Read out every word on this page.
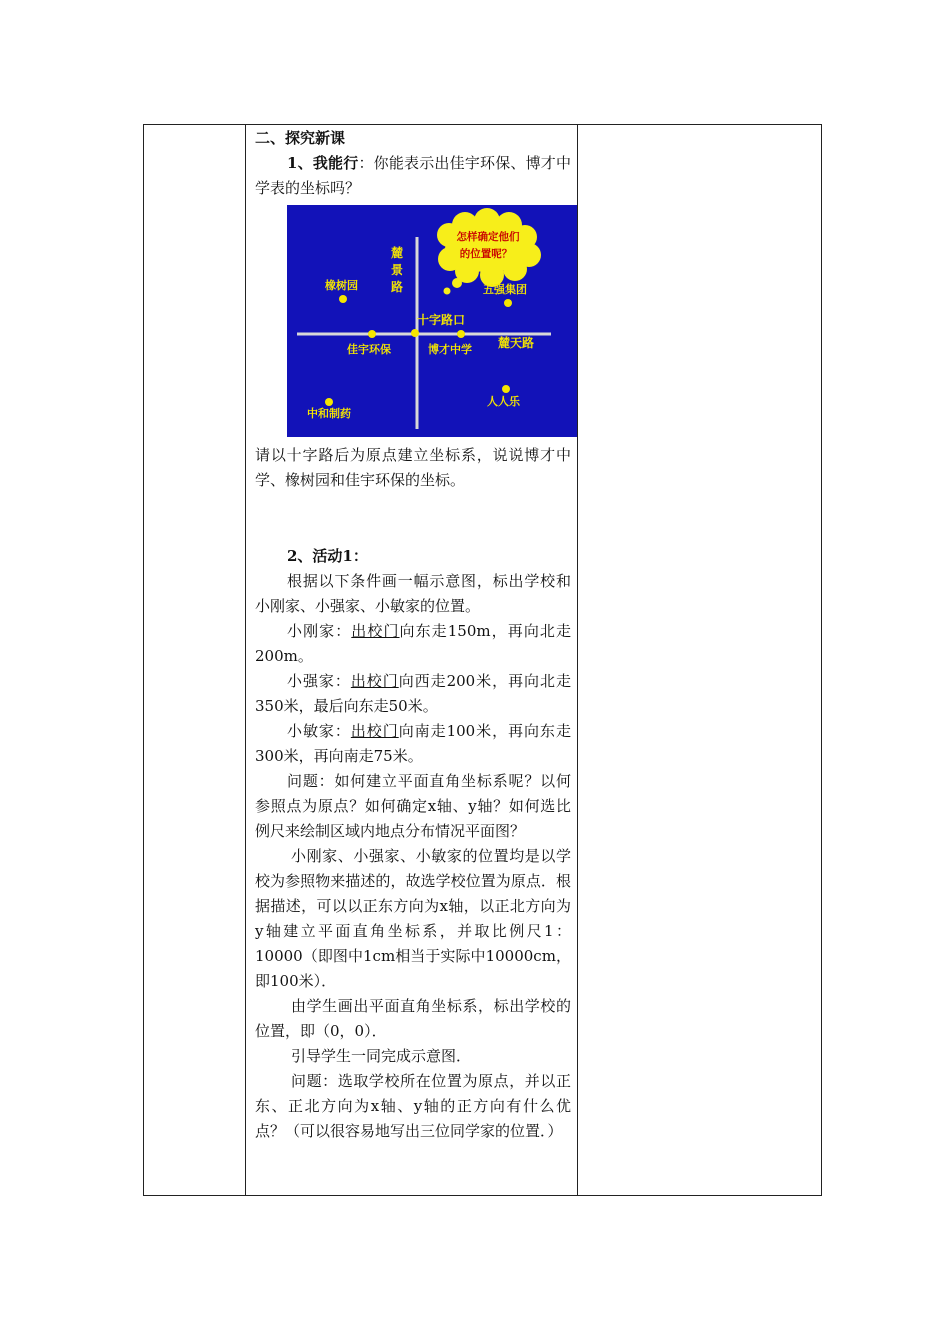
二、探究新课

1、我能行：你能表示出佳宇环保、博才中学表的坐标吗？

怎样确定他们
的位置呢？
麓
景
路
麓天路
十字路口
橡树园	五强集团
佳宇环保	博才中学
中和制药
人人乐

请以十字路后为原点建立坐标系，说说博才中学、橡树园和佳宇环保的坐标。

2、活动1：

根据以下条件画一幅示意图，标出学校和小刚家、小强家、小敏家的位置。

小刚家：出校门向东走150m，再向北走200m。

小强家：出校门向西走200米，再向北走350米，最后向东走50米。

小敏家：出校门向南走100米，再向东走300米，再向南走75米。

问题：如何建立平面直角坐标系呢？以何参照点为原点？如何确定x轴、y轴？如何选比例尺来绘制区域内地点分布情况平面图？

小刚家、小强家、小敏家的位置均是以学校为参照物来描述的，故选学校位置为原点．根据描述，可以以正东方向为x轴，以正北方向为y轴建立平面直角坐标系，并取比例尺1：10000（即图中1cm相当于实际中10000cm，即100米）．

由学生画出平面直角坐标系，标出学校的位置，即（0，0）．

引导学生一同完成示意图．

问题：选取学校所在位置为原点，并以正东、正北方向为x轴、y轴的正方向有什么优点？（可以很容易地写出三位同学家的位置．）
